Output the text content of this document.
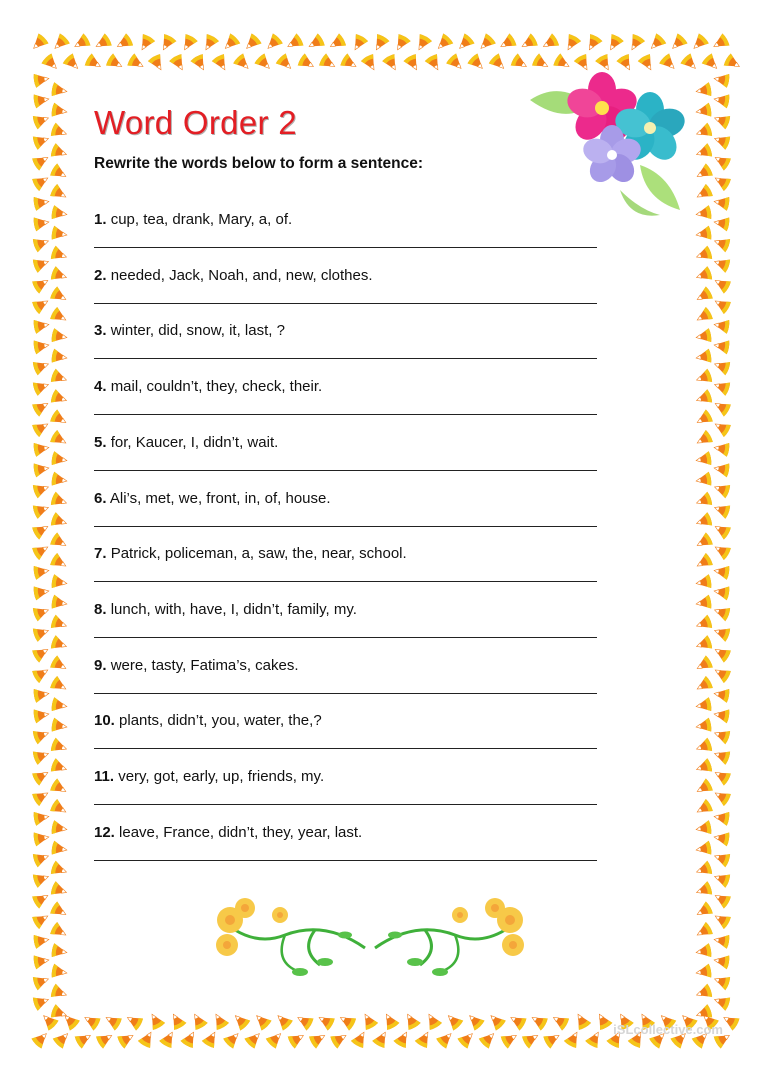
Word Order 2
Rewrite the words below to form a sentence:
1. cup, tea, drank, Mary, a, of.
2. needed, Jack, Noah, and, new, clothes.
3. winter, did, snow, it, last, ?
4. mail, couldn’t, they, check, their.
5. for, Kaucer, I, didn’t, wait.
6. Ali’s, met, we, front, in, of, house.
7. Patrick, policeman, a, saw, the, near, school.
8. lunch, with, have, I, didn’t, family, my.
9. were, tasty, Fatima’s, cakes.
10. plants, didn’t, you, water, the,?
11. very, got, early, up, friends, my.
12. leave, France, didn’t, they, year, last.
iSLcollective.com
